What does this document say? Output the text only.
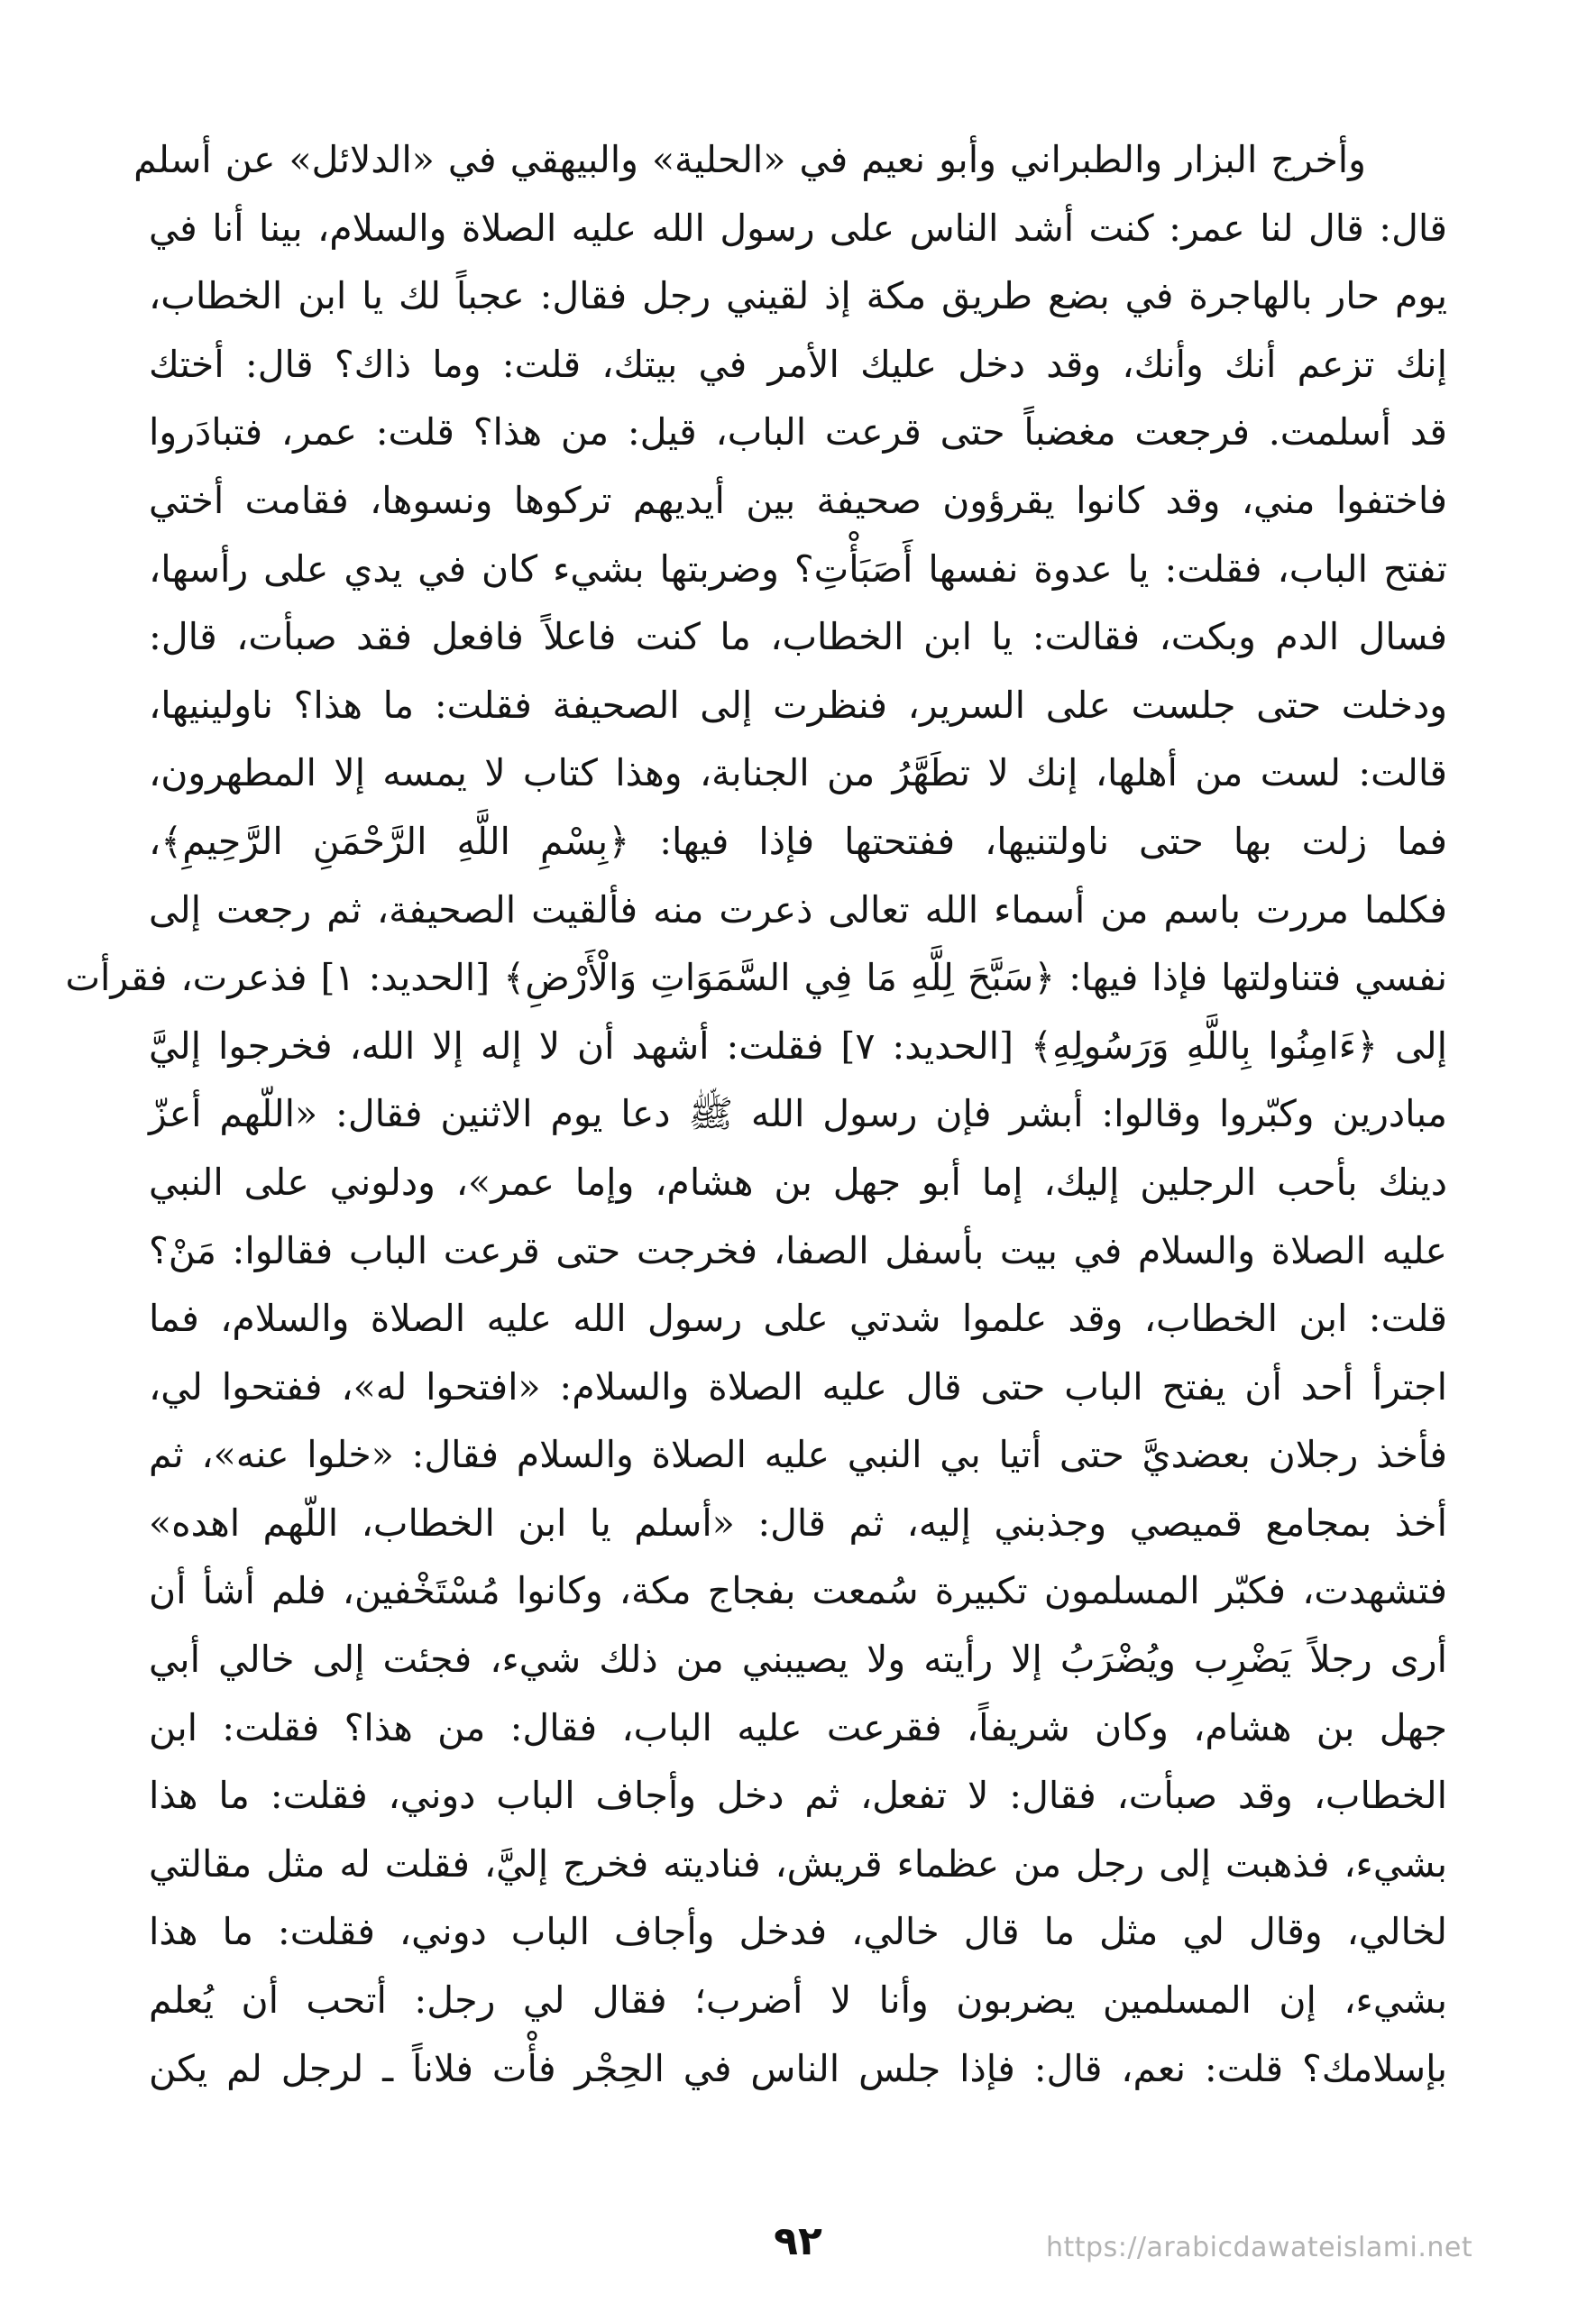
وأخرج البزار والطبراني وأبو نعيم في «الحلية» والبيهقي في «الدلائل» عن أسلم
قال: قال لنا عمر: كنت أشد الناس على رسول الله عليه الصلاة والسلام، بينا أنا في
يوم حار بالهاجرة في بضع طريق مكة إذ لقيني رجل فقال: عجباً لك يا ابن الخطاب،
إنك تزعم أنك وأنك، وقد دخل عليك الأمر في بيتك، قلت: وما ذاك؟ قال: أختك
قد أسلمت. فرجعت مغضباً حتى قرعت الباب، قيل: من هذا؟ قلت: عمر، فتبادَروا
فاختفوا مني، وقد كانوا يقرؤون صحيفة بين أيديهم تركوها ونسوها، فقامت أختي
تفتح الباب، فقلت: يا عدوة نفسها أَصَبَأْتِ؟ وضربتها بشيء كان في يدي على رأسها،
فسال الدم وبكت، فقالت: يا ابن الخطاب، ما كنت فاعلاً فافعل فقد صبأت، قال:
ودخلت حتى جلست على السرير، فنظرت إلى الصحيفة فقلت: ما هذا؟ ناولينيها،
قالت: لست من أهلها، إنك لا تطَهَّرُ من الجنابة، وهذا كتاب لا يمسه إلا المطهرون،
فما زلت بها حتى ناولتنيها، ففتحتها فإذا فيها: ﴿بِسْمِ اللَّهِ الرَّحْمَنِ الرَّحِيمِ﴾،
فكلما مررت باسم من أسماء الله تعالى ذعرت منه فألقيت الصحيفة، ثم رجعت إلى
نفسي فتناولتها فإذا فيها: ﴿سَبَّحَ لِلَّهِ مَا فِي السَّمَوَاتِ وَالْأَرْضِ﴾ [الحديد: ١] فذعرت، فقرأت
إلى ﴿ءَامِنُوا بِاللَّهِ وَرَسُولِهِ﴾ [الحديد: ٧] فقلت: أشهد أن لا إله إلا الله، فخرجوا إليَّ
مبادرين وكبّروا وقالوا: أبشر فإن رسول الله ﷺ دعا يوم الاثنين فقال: «اللّهم أعزّ
دينك بأحب الرجلين إليك، إما أبو جهل بن هشام، وإما عمر»، ودلوني على النبي
عليه الصلاة والسلام في بيت بأسفل الصفا، فخرجت حتى قرعت الباب فقالوا: مَنْ؟
قلت: ابن الخطاب، وقد علموا شدتي على رسول الله عليه الصلاة والسلام، فما
اجترأ أحد أن يفتح الباب حتى قال عليه الصلاة والسلام: «افتحوا له»، ففتحوا لي،
فأخذ رجلان بعضديَّ حتى أتيا بي النبي عليه الصلاة والسلام فقال: «خلوا عنه»، ثم
أخذ بمجامع قميصي وجذبني إليه، ثم قال: «أسلم يا ابن الخطاب، اللّهم اهده»
فتشهدت، فكبّر المسلمون تكبيرة سُمعت بفجاج مكة، وكانوا مُسْتَخْفين، فلم أشأ أن
أرى رجلاً يَضْرِب ويُضْرَبُ إلا رأيته ولا يصيبني من ذلك شيء، فجئت إلى خالي أبي
جهل بن هشام، وكان شريفاً، فقرعت عليه الباب، فقال: من هذا؟ فقلت: ابن
الخطاب، وقد صبأت، فقال: لا تفعل، ثم دخل وأجاف الباب دوني، فقلت: ما هذا
بشيء، فذهبت إلى رجل من عظماء قريش، فناديته فخرج إليَّ، فقلت له مثل مقالتي
لخالي، وقال لي مثل ما قال خالي، فدخل وأجاف الباب دوني، فقلت: ما هذا
بشيء، إن المسلمين يضربون وأنا لا أضرب؛ فقال لي رجل: أتحب أن يُعلم
بإسلامك؟ قلت: نعم، قال: فإذا جلس الناس في الحِجْر فأْت فلاناً ـ لرجل لم يكن
٩٢	https://arabicdawateislami.net
